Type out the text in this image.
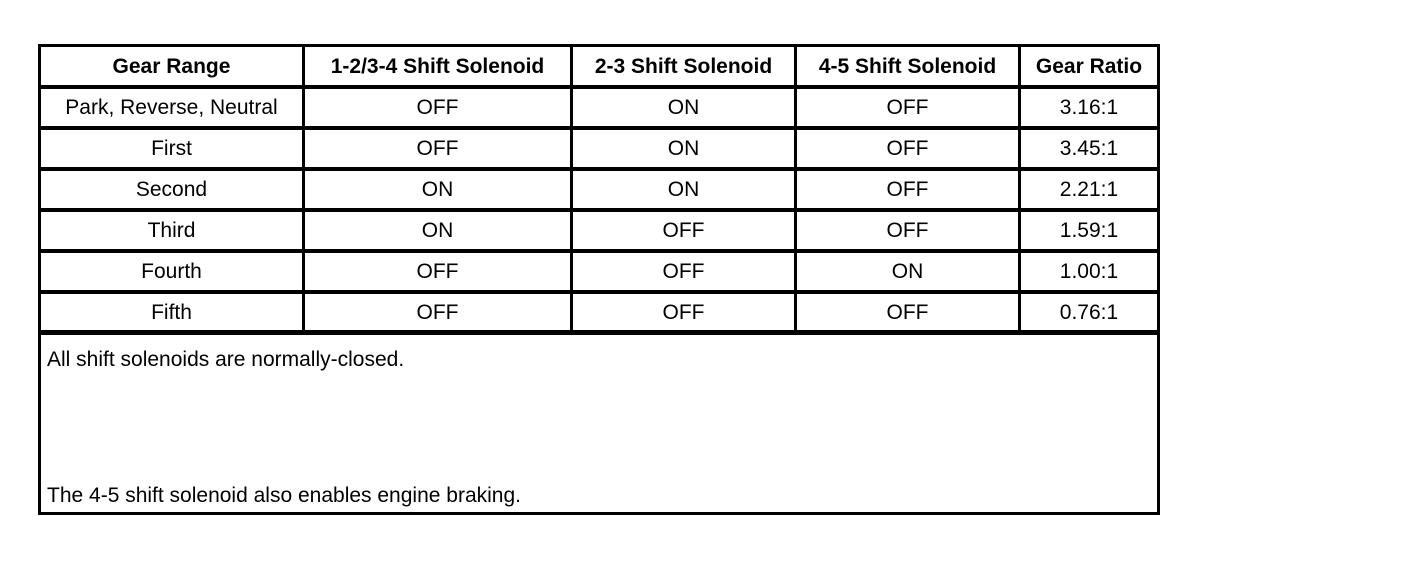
Gear Range	1-2/3-4 Shift Solenoid	2-3 Shift Solenoid	4-5 Shift Solenoid	Gear Ratio
Park, Reverse, Neutral	OFF	ON	OFF	3.16:1
First	OFF	ON	OFF	3.45:1
Second	ON	ON	OFF	2.21:1
Third	ON	OFF	OFF	1.59:1
Fourth	OFF	OFF	ON	1.00:1
Fifth	OFF	OFF	OFF	0.76:1
All shift solenoids are normally-closed.
The 4-5 shift solenoid also enables engine braking.
